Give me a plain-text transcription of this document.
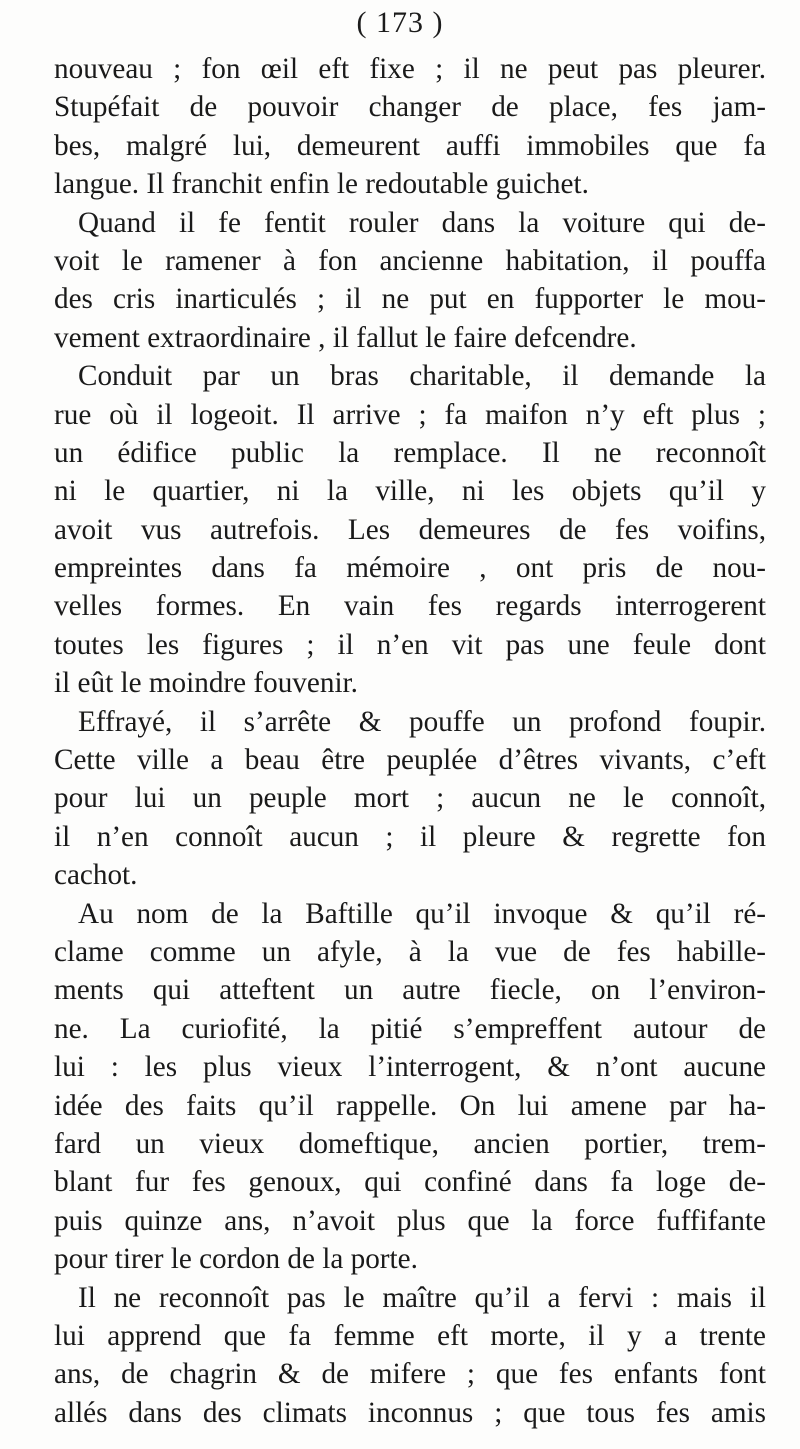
( 173 )
nouveau ; fon œil eft fixe ; il ne peut pas pleurer.
Stupéfait de pouvoir changer de place, fes jam-
bes, malgré lui, demeurent auffi immobiles que fa
langue. Il franchit enfin le redoutable guichet.
Quand il fe fentit rouler dans la voiture qui de-
voit le ramener à fon ancienne habitation, il pouffa
des cris inarticulés ; il ne put en fupporter le mou-
vement extraordinaire , il fallut le faire defcendre.
Conduit par un bras charitable, il demande la
rue où il logeoit. Il arrive ; fa maifon n’y eft plus ;
un édifice public la remplace. Il ne reconnoît
ni le quartier, ni la ville, ni les objets qu’il y
avoit vus autrefois. Les demeures de fes voifins,
empreintes dans fa mémoire , ont pris de nou-
velles formes. En vain fes regards interrogerent
toutes les figures ; il n’en vit pas une feule dont
il eût le moindre fouvenir.
Effrayé, il s’arrête & pouffe un profond foupir.
Cette ville a beau être peuplée d’êtres vivants, c’eft
pour lui un peuple mort ; aucun ne le connoît,
il n’en connoît aucun ; il pleure & regrette fon
cachot.
Au nom de la Baftille qu’il invoque & qu’il ré-
clame comme un afyle, à la vue de fes habille-
ments qui atteftent un autre fiecle, on l’environ-
ne. La curiofité, la pitié s’empreffent autour de
lui : les plus vieux l’interrogent, & n’ont aucune
idée des faits qu’il rappelle. On lui amene par ha-
fard un vieux domeftique, ancien portier, trem-
blant fur fes genoux, qui confiné dans fa loge de-
puis quinze ans, n’avoit plus que la force fuffifante
pour tirer le cordon de la porte.
Il ne reconnoît pas le maître qu’il a fervi : mais il
lui apprend que fa femme eft morte, il y a trente
ans, de chagrin & de mifere ; que fes enfants font
allés dans des climats inconnus ; que tous fes amis
